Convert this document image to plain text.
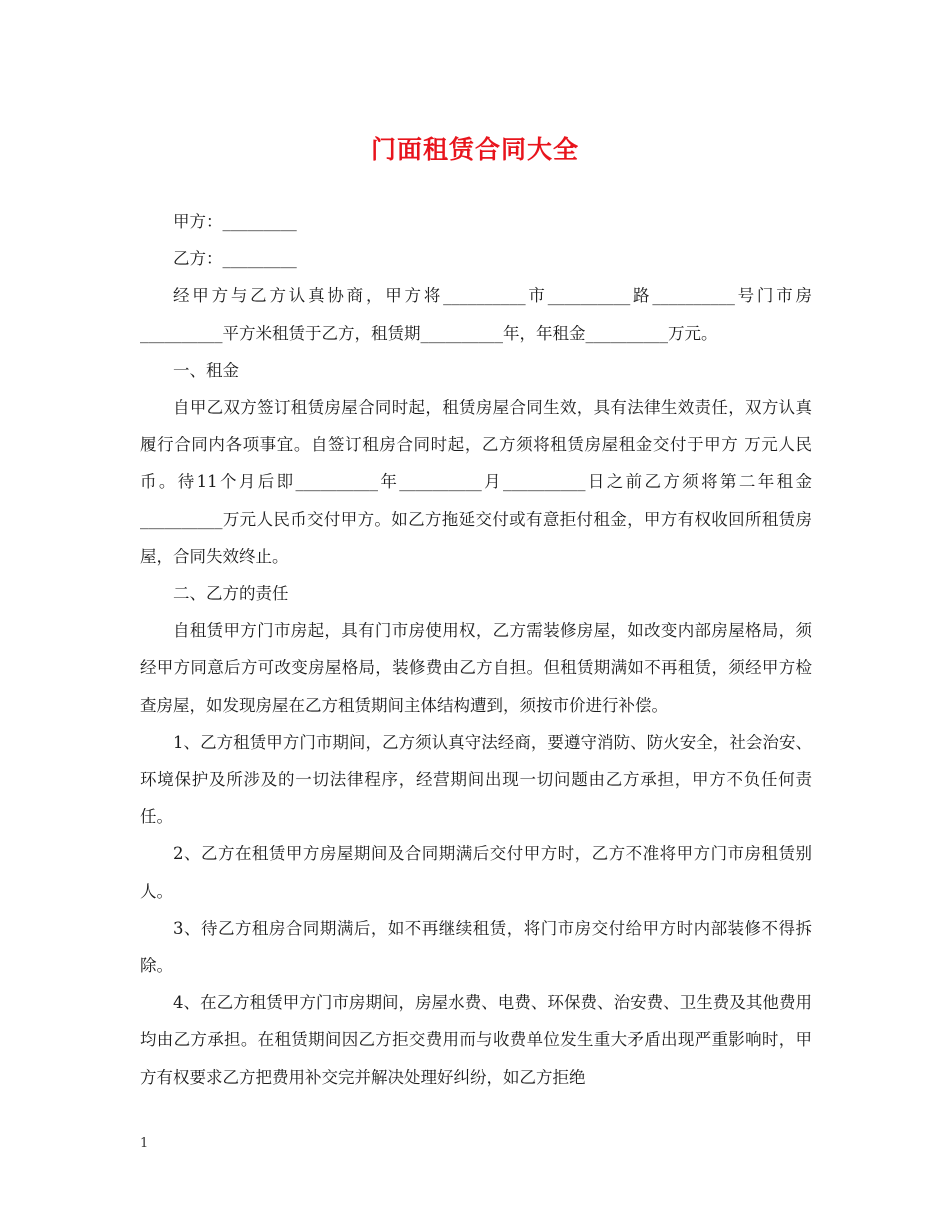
门面租赁合同大全

甲方：_________

乙方：_________

经甲方与乙方认真协商，甲方将__________市__________路__________号门市房__________平方米租赁于乙方，租赁期__________年，年租金__________万元。

一、租金

自甲乙双方签订租赁房屋合同时起，租赁房屋合同生效，具有法律生效责任，双方认真履行合同内各项事宜。自签订租房合同时起，乙方须将租赁房屋租金交付于甲方 万元人民币。待11个月后即__________年__________月__________日之前乙方须将第二年租金__________万元人民币交付甲方。如乙方拖延交付或有意拒付租金，甲方有权收回所租赁房屋，合同失效终止。

二、乙方的责任

自租赁甲方门市房起，具有门市房使用权，乙方需装修房屋，如改变内部房屋格局，须经甲方同意后方可改变房屋格局，装修费由乙方自担。但租赁期满如不再租赁，须经甲方检查房屋，如发现房屋在乙方租赁期间主体结构遭到，须按市价进行补偿。

1、乙方租赁甲方门市期间，乙方须认真守法经商，要遵守消防、防火安全，社会治安、环境保护及所涉及的一切法律程序，经营期间出现一切问题由乙方承担，甲方不负任何责任。

2、乙方在租赁甲方房屋期间及合同期满后交付甲方时，乙方不准将甲方门市房租赁别人。

3、待乙方租房合同期满后，如不再继续租赁，将门市房交付给甲方时内部装修不得拆除。

4、在乙方租赁甲方门市房期间，房屋水费、电费、环保费、治安费、卫生费及其他费用均由乙方承担。在租赁期间因乙方拒交费用而与收费单位发生重大矛盾出现严重影响时，甲方有权要求乙方把费用补交完并解决处理好纠纷，如乙方拒绝

1
